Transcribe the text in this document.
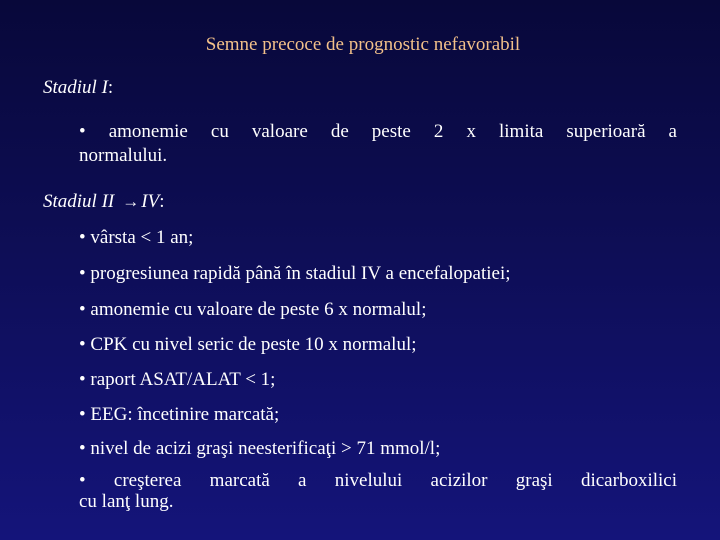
Semne precoce de prognostic nefavorabil
Stadiul I:
• amonemie cu valoare de peste 2 x limita superioară a
normalului.
Stadiul II → IV:
• vârsta < 1 an;
• progresiunea rapidă până în stadiul IV a encefalopatiei;
• amonemie cu valoare de peste 6 x normalul;
• CPK cu nivel seric de peste 10 x normalul;
• raport ASAT/ALAT < 1;
• EEG: încetinire marcată;
• nivel de acizi graşi neesterificaţi > 71 mmol/l;
• creşterea marcată a nivelului acizilor graşi dicarboxilici
cu lanţ lung.
